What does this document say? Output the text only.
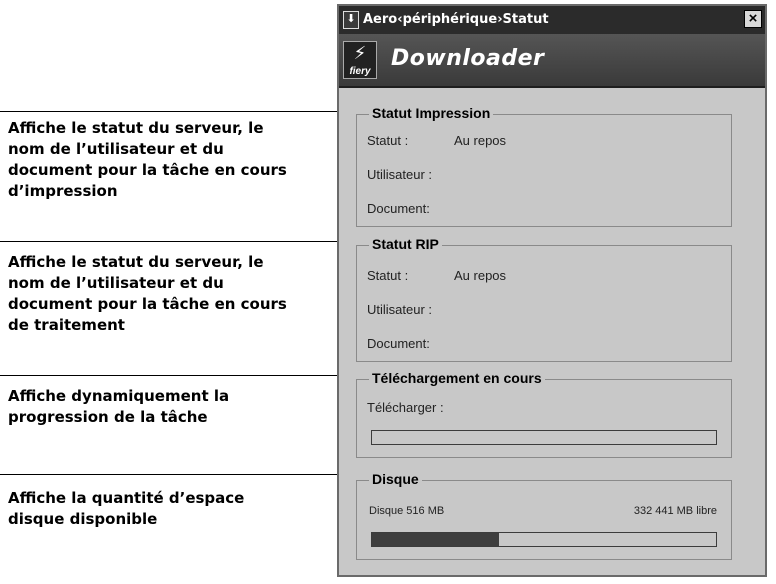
Affiche le statut du serveur, le
nom de l’utilisateur et du
document pour la tâche en cours
d’impression
Affiche le statut du serveur, le
nom de l’utilisateur et du
document pour la tâche en cours
de traitement
Affiche dynamiquement la
progression de la tâche
Affiche la quantité d’espace
disque disponible
⬇ Aero‹périphérique›Statut	×
⚡
fiery
Downloader
Statut Impression
Statut :	Au repos
Utilisateur :
Document:
Statut RIP
Statut :	Au repos
Utilisateur :
Document:
Téléchargement en cours
Télécharger :
Disque
Disque 516 MB	332 441 MB libre
